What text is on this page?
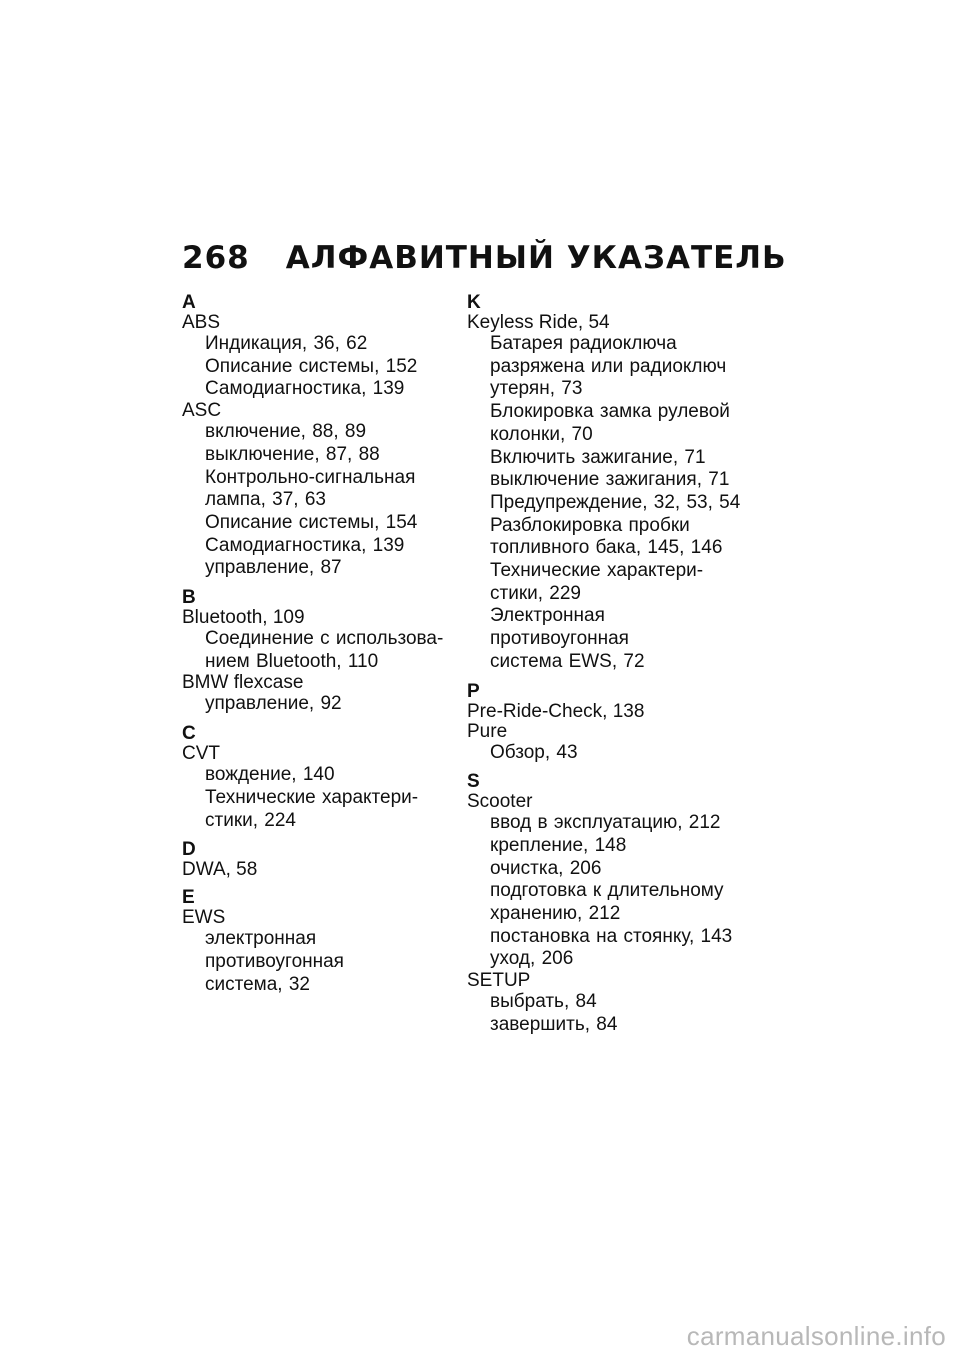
268 АЛФАВИТНЫЙ УКАЗАТЕЛЬ
A
ABS
Индикация, 36, 62
Описание системы, 152
Самодиагностика, 139
ASC
включение, 88, 89
выключение, 87, 88
Контрольно-сигнальная
лампа, 37, 63
Описание системы, 154
Самодиагностика, 139
управление, 87
B
Bluetooth, 109
Соединение с использова-
нием Bluetooth, 110
BMW flexcase
управление, 92
C
CVT
вождение, 140
Технические характери-
стики, 224
D
DWA, 58
E
EWS
электронная противоугонная
система, 32
K
Keyless Ride, 54
Батарея радиоключа
разряжена или радиоключ
утерян, 73
Блокировка замка рулевой
колонки, 70
Включить зажигание, 71
выключение зажигания, 71
Предупреждение, 32, 53, 54
Разблокировка пробки
топливного бака, 145, 146
Технические характери-
стики, 229
Электронная противоугонная
система EWS, 72
P
Pre-Ride-Check, 138
Pure
Обзор, 43
S
Scooter
ввод в эксплуатацию, 212
крепление, 148
очистка, 206
подготовка к длительному
хранению, 212
постановка на стоянку, 143
уход, 206
SETUP
выбрать, 84
завершить, 84
carmanualsonline.info
